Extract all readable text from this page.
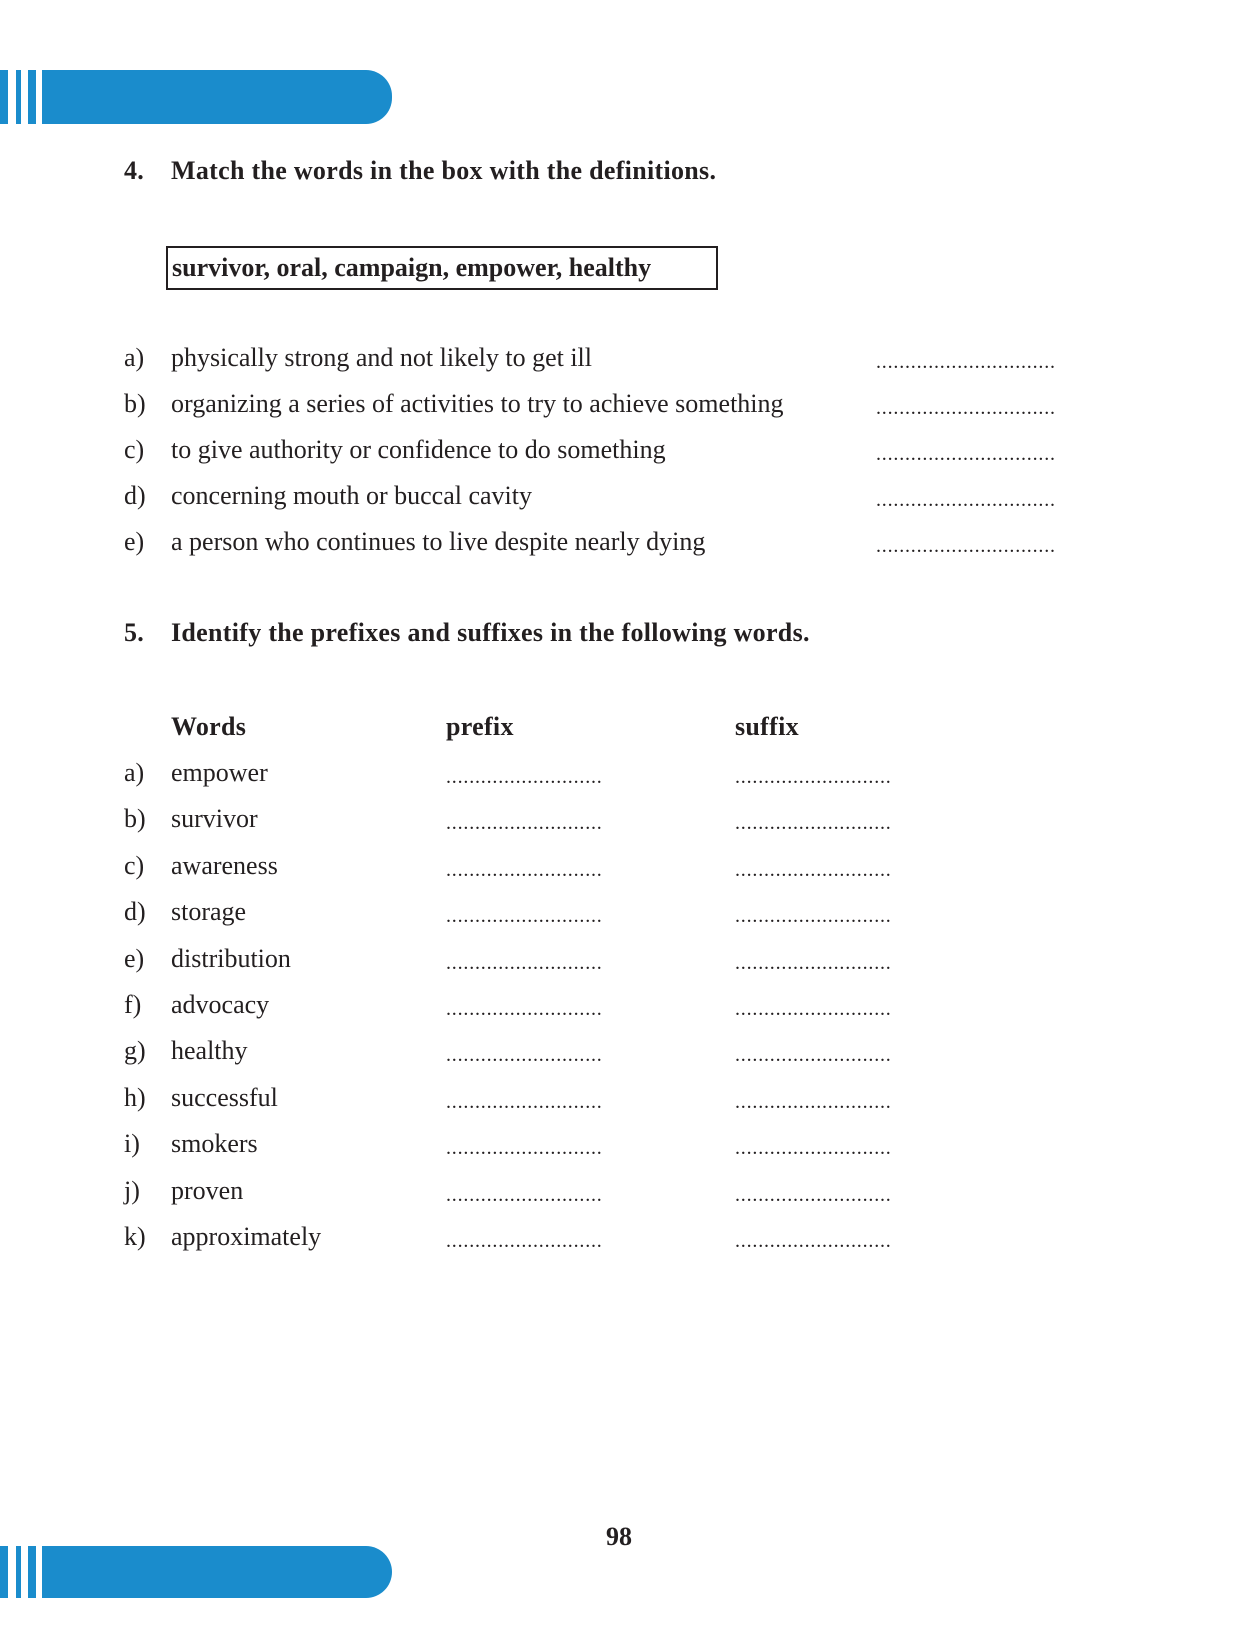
4. Match the words in the box with the definitions.
survivor, oral, campaign, empower, healthy
a) physically strong and not likely to get ill	...............................
b) organizing a series of activities to try to achieve something	...............................
c) to give authority or confidence to do something	...............................
d) concerning mouth or buccal cavity	...............................
e) a person who continues to live despite nearly dying	...............................
5. Identify the prefixes and suffixes in the following words.
Words	prefix	suffix
a) empower	...........................	...........................
b) survivor	...........................	...........................
c) awareness	...........................	...........................
d) storage	...........................	...........................
e) distribution	...........................	...........................
f) advocacy	...........................	...........................
g) healthy	...........................	...........................
h) successful	...........................	...........................
i) smokers	...........................	...........................
j) proven	...........................	...........................
k) approximately	...........................	...........................
98
